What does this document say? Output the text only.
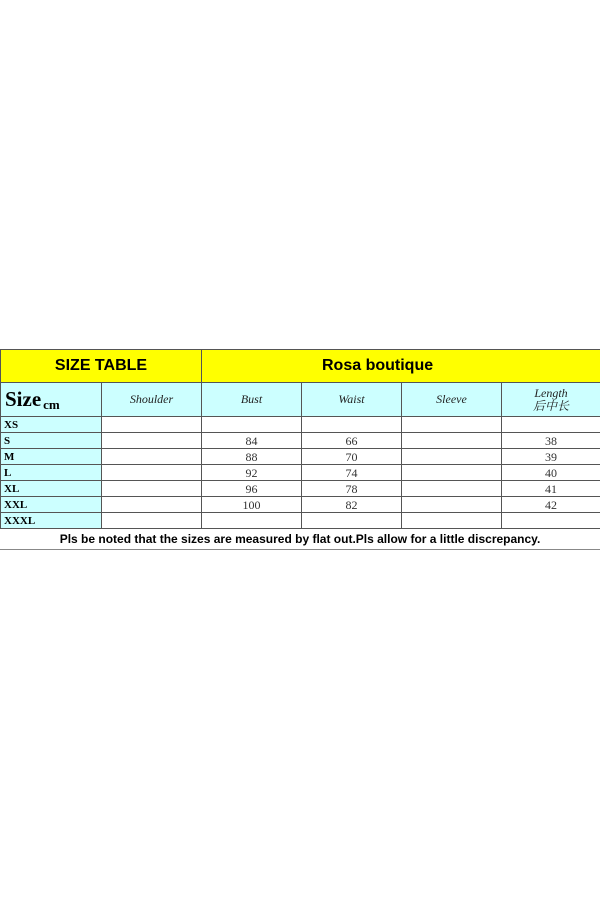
SIZE TABLE		Rosa boutique			
Size cm	Shoulder	Bust	Waist	Sleeve	Length
后中长

XS					
S		84	66		38
M		88	70		39
L		92	74		40
XL		96	78		41
XXL		100	82		42
XXXL					
Pls be noted that the sizes are measured by flat out.Pls allow for a little discrepancy.
